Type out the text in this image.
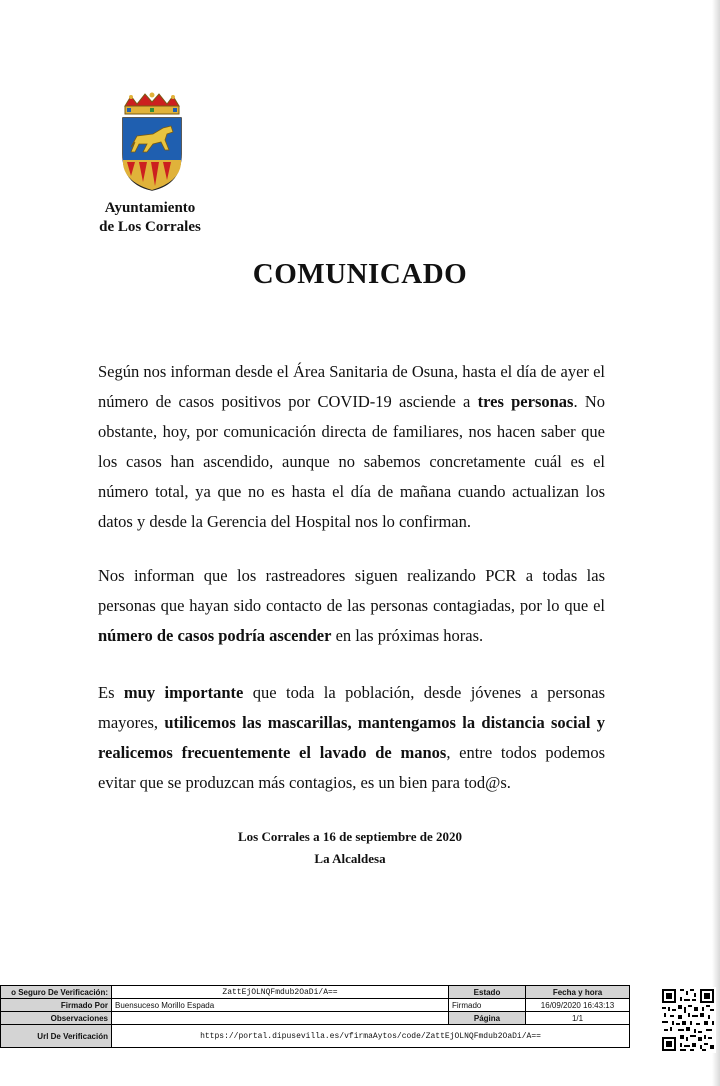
Ayuntamiento
de Los Corrales
COMUNICADO
Según nos informan desde el Área Sanitaria de Osuna, hasta el día de ayer el número de casos positivos por COVID-19 asciende a tres personas. No obstante, hoy, por comunicación directa de familiares, nos hacen saber que los casos han ascendido, aunque no sabemos concretamente cuál es el número total, ya que no es hasta el día de mañana cuando actualizan los datos y desde la Gerencia del Hospital nos lo confirman.
Nos informan que los rastreadores siguen realizando PCR a todas las personas que hayan sido contacto de las personas contagiadas, por lo que el número de casos podría ascender en las próximas horas.
Es muy importante que toda la población, desde jóvenes a personas mayores, utilicemos las mascarillas, mantengamos la distancia social y realicemos frecuentemente el lavado de manos, entre todos podemos evitar que se produzcan más contagios, es un bien para tod@s.
Los Corrales a 16 de septiembre de 2020
La Alcaldesa
o Seguro De Verificación:	ZattEjOLNQFmdub2OaDi/A==	Estado	Fecha y hora
Firmado Por	Buensuceso Morillo Espada	Firmado	16/09/2020 16:43:13
Observaciones		Página	1/1
Url De Verificación	https://portal.dipusevilla.es/vfirmaAytos/code/ZattEjOLNQFmdub2OaDi/A==		
